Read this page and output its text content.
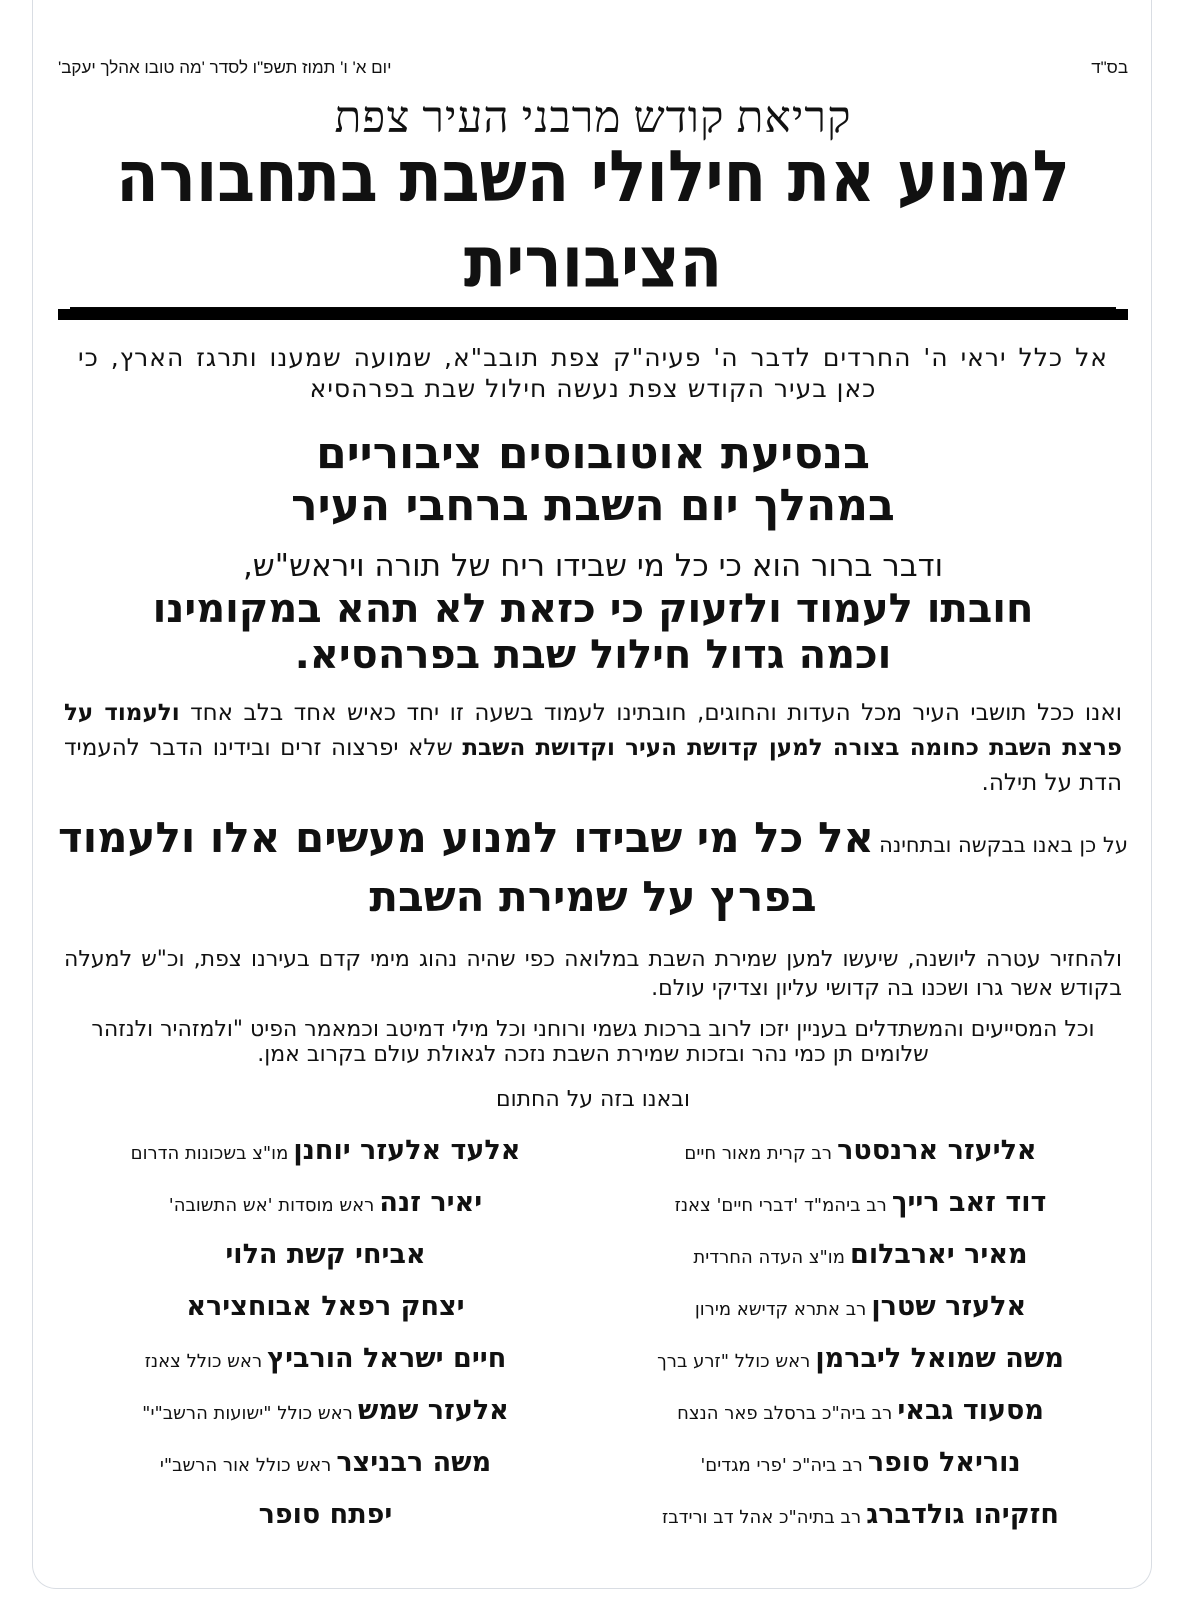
בס"ד
יום א' ו' תמוז תשפ"ו לסדר 'מה טובו אהלך יעקב'
קריאת קודש מרבני העיר צפת
למנוע את חילולי השבת בתחבורה הציבורית
אל כלל יראי ה' החרדים לדבר ה' פעיה"ק צפת תובב"א, שמועה שמענו ותרגז הארץ, כי כאן בעיר הקודש צפת נעשה חילול שבת בפרהסיא
בנסיעת אוטובוסים ציבוריים
במהלך יום השבת ברחבי העיר
ודבר ברור הוא כי כל מי שבידו ריח של תורה ויראש"ש,
חובתו לעמוד ולזעוק כי כזאת לא תהא במקומינו
וכמה גדול חילול שבת בפרהסיא.
ואנו ככל תושבי העיר מכל העדות והחוגים, חובתינו לעמוד בשעה זו יחד כאיש אחד בלב אחד ולעמוד על פרצת השבת כחומה בצורה למען קדושת העיר וקדושת השבת שלא יפרצוה זרים ובידינו הדבר להעמיד הדת על תילה.
על כן באנו בבקשה ובתחינה אל כל מי שבידו למנוע מעשים אלו ולעמוד בפרץ על שמירת השבת
ולהחזיר עטרה ליושנה, שיעשו למען שמירת השבת במלואה כפי שהיה נהוג מימי קדם בעירנו צפת, וכ"ש למעלה בקודש אשר גרו ושכנו בה קדושי עליון וצדיקי עולם.
וכל המסייעים והמשתדלים בעניין יזכו לרוב ברכות גשמי ורוחני וכל מילי דמיטב וכמאמר הפיט "ולמזהיר ולנזהר שלומים תן כמי נהר ובזכות שמירת השבת נזכה לגאולת עולם בקרוב אמן.
ובאנו בזה על החתום
אליעזר ארנסטר רב קרית מאור חיים
אלעד אלעזר יוחנן מו"צ בשכונות הדרום
דוד זאב רייך רב ביהמ"ד 'דברי חיים' צאנז
יאיר זנה ראש מוסדות 'אש התשובה'
מאיר יארבלום מו"צ העדה החרדית
אביחי קשת הלוי
אלעזר שטרן רב אתרא קדישא מירון
יצחק רפאל אבוחצירא
משה שמואל ליברמן ראש כולל "זרע ברך
חיים ישראל הורביץ ראש כולל צאנז
מסעוד גבאי רב ביה"כ ברסלב פאר הנצח
אלעזר שמש ראש כולל "ישועות הרשב"י"
נוריאל סופר רב ביה"כ 'פרי מגדים'
משה רבניצר ראש כולל אור הרשב"י
חזקיהו גולדברג רב בתיה"כ אהל דב ורידבז
יפתח סופר
